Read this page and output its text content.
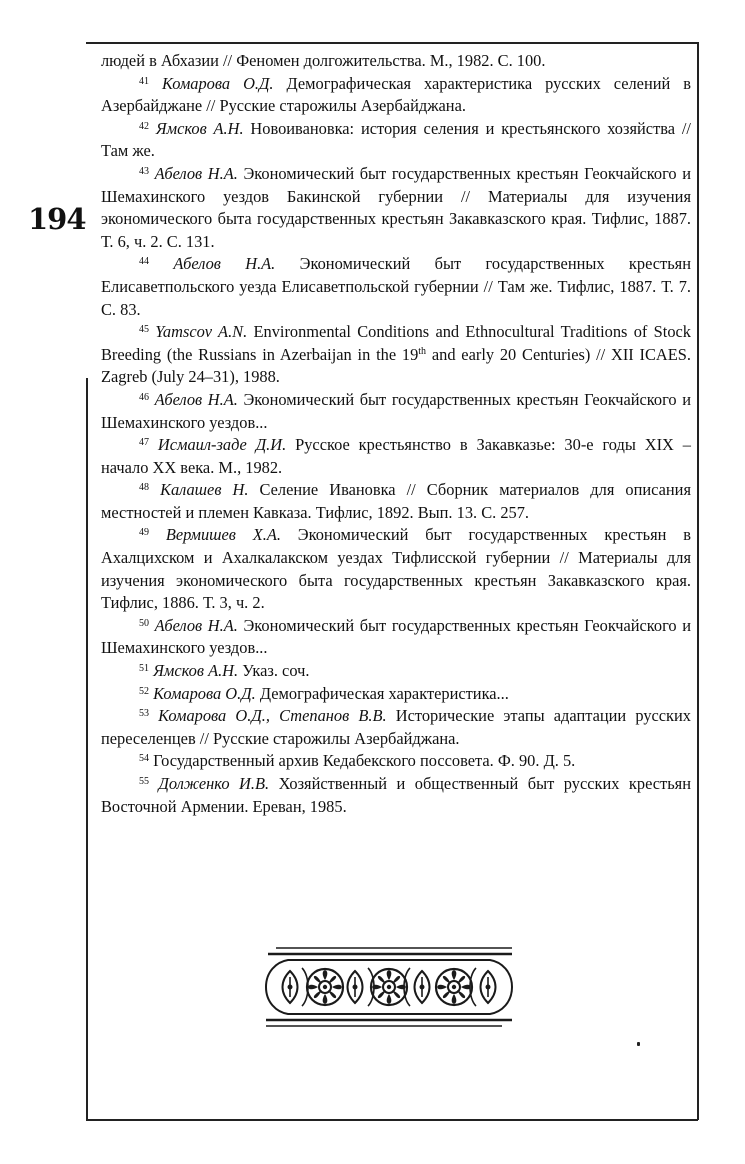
194

людей в Абхазии // Феномен долгожительства. М., 1982. С. 100.

$^{41}$ Комарова О.Д. Демографическая характеристика русских селений в Азербайджане // Русские старожилы Азербайджана.

$^{42}$ Ямсков А.Н. Новоивановка: история селения и крестьянского хозяйства // Там же.

$^{43}$ Абелов Н.А. Экономический быт государственных крестьян Геокчайского и Шемахинского уездов Бакинской губернии // Материалы для изучения экономического быта государственных крестьян Закавказского края. Тифлис, 1887. Т. 6, ч. 2. С. 131.

$^{44}$ Абелов Н.А. Экономический быт государственных крестьян Елисаветпольского уезда Елисаветпольской губернии // Там же. Тифлис, 1887. Т. 7. С. 83.

$^{45}$ Yamscov A.N. Environmental Conditions and Ethnocultural Traditions of Stock Breeding (the Russians in Azerbaijan in the 19th and early 20 Centuries) // XII ICAES. Zagreb (July 24–31), 1988.

$^{46}$ Абелов Н.А. Экономический быт государственных крестьян Геокчайского и Шемахинского уездов...

$^{47}$ Исмаил-заде Д.И. Русское крестьянство в Закавказье: 30-е годы XIX – начало XX века. М., 1982.

$^{48}$ Калашев Н. Селение Ивановка // Сборник материалов для описания местностей и племен Кавказа. Тифлис, 1892. Вып. 13. С. 257.

$^{49}$ Вермишев Х.А. Экономический быт государственных крестьян в Ахалцихском и Ахалкалакском уездах Тифлисской губернии // Материалы для изучения экономического быта государственных крестьян Закавказского края. Тифлис, 1886. Т. 3, ч. 2.

$^{50}$ Абелов Н.А. Экономический быт государственных крестьян Геокчайского и Шемахинского уездов...

$^{51}$ Ямсков А.Н. Указ. соч.

$^{52}$ Комарова О.Д. Демографическая характеристика...

$^{53}$ Комарова О.Д., Степанов В.В. Исторические этапы адаптации русских переселенцев // Русские старожилы Азербайджана.

$^{54}$ Государственный архив Кедабекского поссовета. Ф. 90. Д. 5.

$^{55}$ Долженко И.В. Хозяйственный и общественный быт русских крестьян Восточной Армении. Ереван, 1985.
